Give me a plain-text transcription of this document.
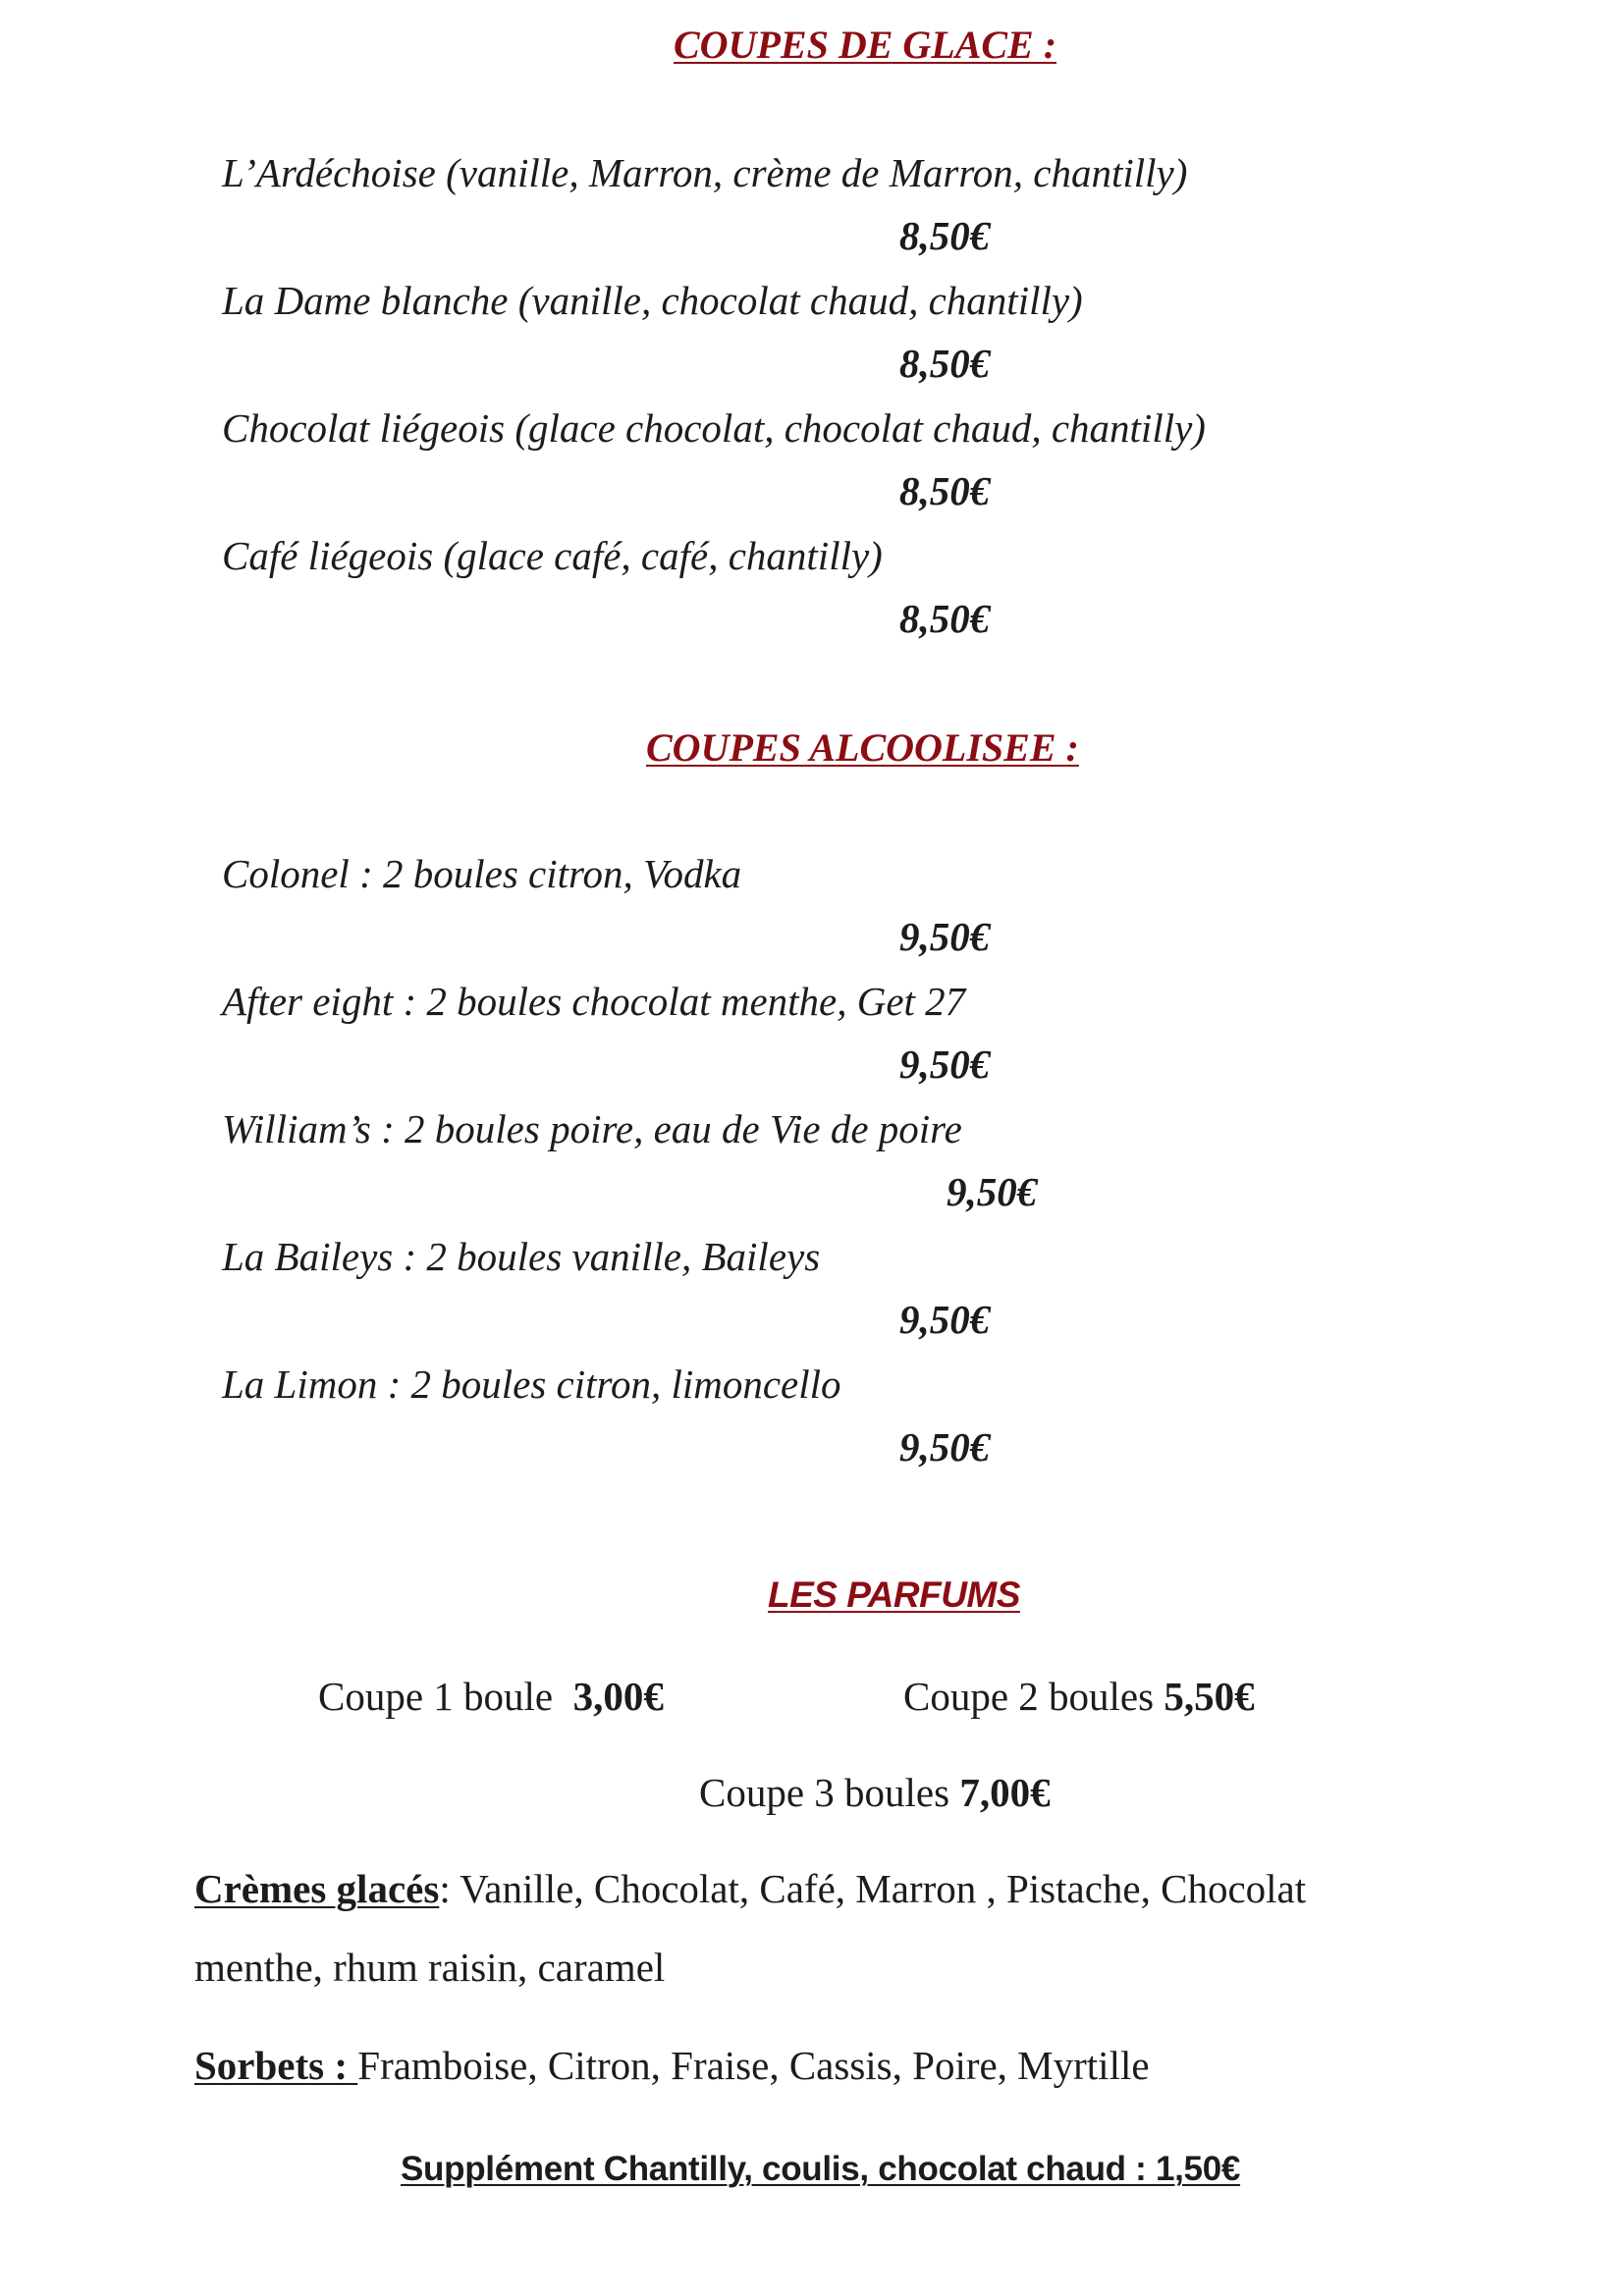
COUPES DE GLACE :
L’Ardéchoise (vanille, Marron, crème de Marron, chantilly)
8,50€
La Dame blanche (vanille, chocolat chaud, chantilly)
8,50€
Chocolat liégeois (glace chocolat, chocolat chaud, chantilly)
8,50€
Café liégeois (glace café, café, chantilly)
8,50€
COUPES ALCOOLISEE :
Colonel : 2 boules citron, Vodka
9,50€
After eight : 2 boules chocolat menthe, Get 27
9,50€
William’s : 2 boules poire, eau de Vie de poire
9,50€
La Baileys : 2 boules vanille, Baileys
9,50€
La Limon : 2 boules citron, limoncello
9,50€
LES PARFUMS
Coupe 1 boule 3,00€	Coupe 2 boules 5,50€
Coupe 3 boules 7,00€
Crèmes glacés: Vanille, Chocolat, Café, Marron , Pistache, Chocolat
menthe, rhum raisin, caramel
Sorbets : Framboise, Citron, Fraise, Cassis, Poire, Myrtille
Supplément Chantilly, coulis, chocolat chaud : 1,50€
